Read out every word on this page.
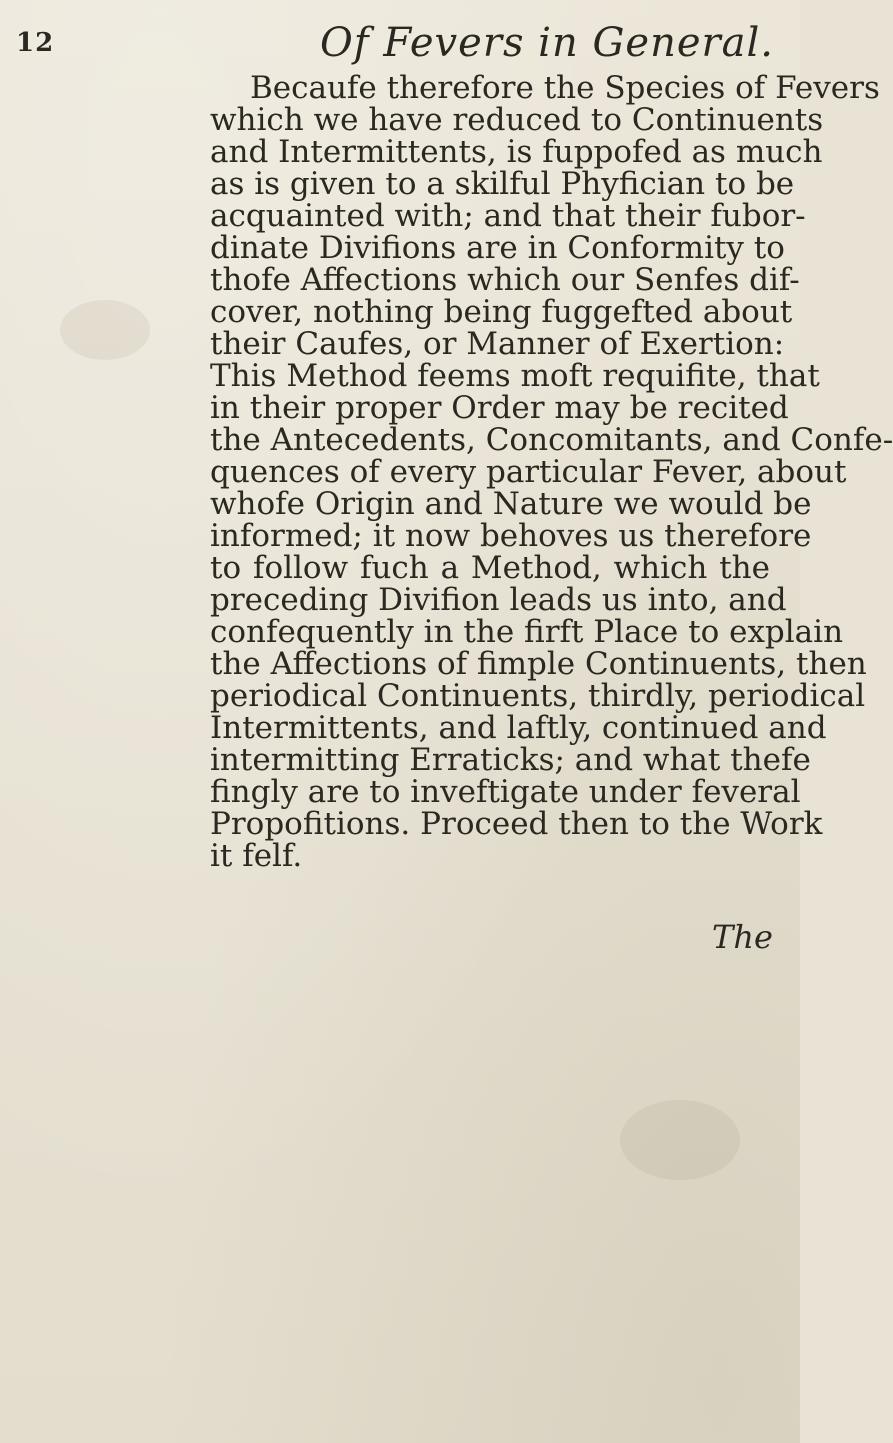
12	Of Fevers in General.
Becaufe therefore the Species of Fevers
which we have reduced to Continuents
and Intermittents, is fuppofed as much
as is given to a skilful Phyfician to be
acquainted with; and that their fubor-
dinate Divifions are in Conformity to
thofe Affections which our Senfes dif-
cover, nothing being fuggefted about
their Caufes, or Manner of Exertion:
This Method feems moft requifite, that
in their proper Order may be recited
the Antecedents, Concomitants, and Confe-
quences of every particular Fever, about
whofe Origin and Nature we would be
informed; it now behoves us therefore
to follow fuch a Method, which the
preceding Divifion leads us into, and
confequently in the firft Place to explain
the Affections of fimple Continuents, then
periodical Continuents, thirdly, periodical
Intermittents, and laftly, continued and
intermitting Erraticks; and what thefe
fingly are to inveftigate under feveral
Propofitions. Proceed then to the Work
it felf.
The
